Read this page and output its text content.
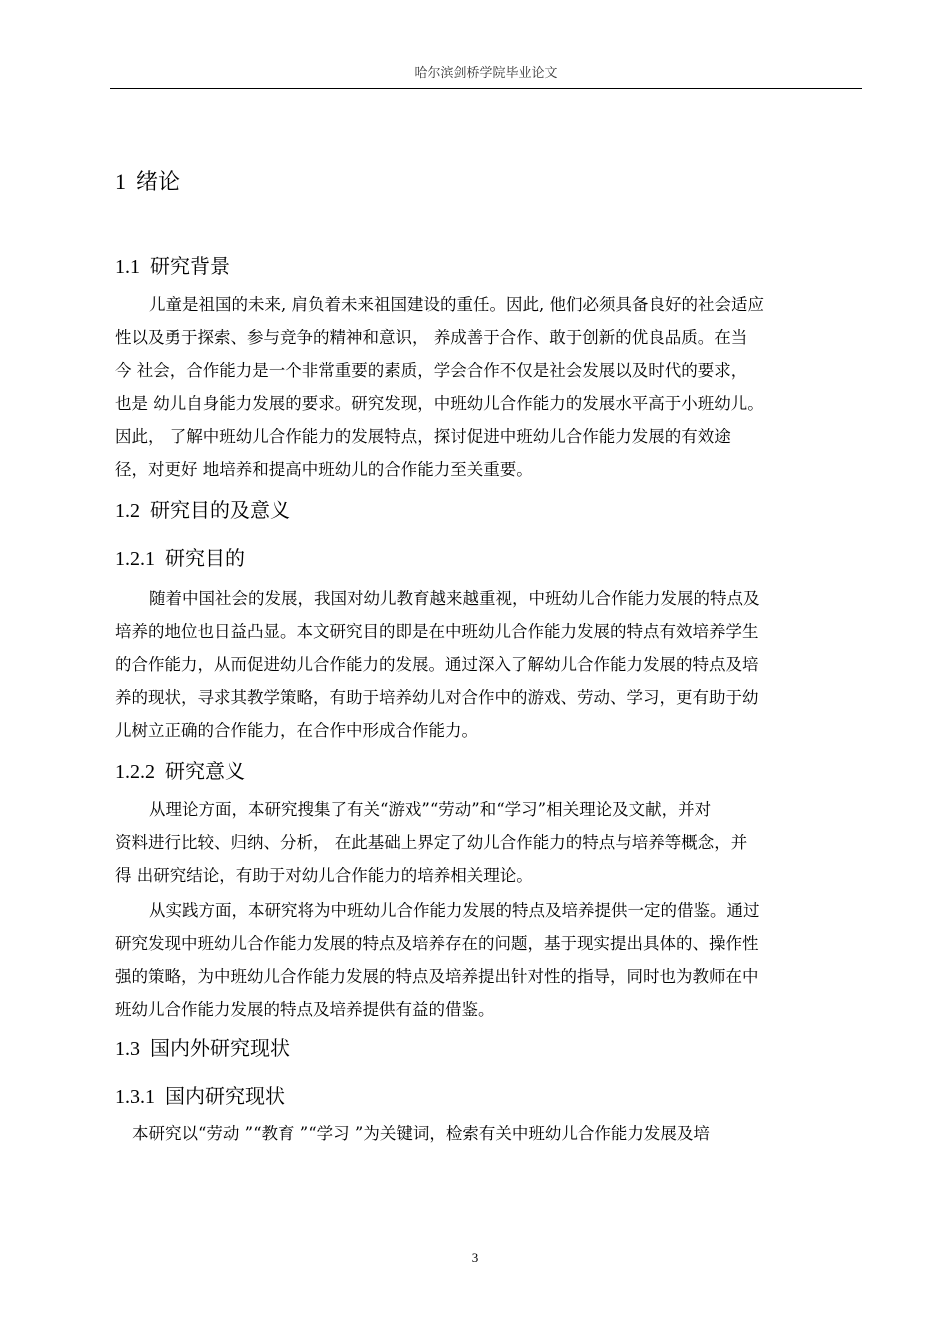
哈尔滨剑桥学院毕业论文
1 绪论
1.1 研究背景
儿童是祖国的未来, 肩负着未来祖国建设的重任。因此, 他们必须具备良好的社会适应
性以及勇于探索、参与竞争的精神和意识， 养成善于合作、敢于创新的优良品质。在当
今 社会，合作能力是一个非常重要的素质，学会合作不仅是社会发展以及时代的要求，
也是 幼儿自身能力发展的要求。研究发现，中班幼儿合作能力的发展水平高于小班幼儿。
因此， 了解中班幼儿合作能力的发展特点，探讨促进中班幼儿合作能力发展的有效途
径，对更好 地培养和提高中班幼儿的合作能力至关重要。
1.2 研究目的及意义
1.2.1 研究目的
随着中国社会的发展，我国对幼儿教育越来越重视，中班幼儿合作能力发展的特点及
培养的地位也日益凸显。本文研究目的即是在中班幼儿合作能力发展的特点有效培养学生
的合作能力，从而促进幼儿合作能力的发展。通过深入了解幼儿合作能力发展的特点及培
养的现状，寻求其教学策略，有助于培养幼儿对合作中的游戏、劳动、学习，更有助于幼
儿树立正确的合作能力，在合作中形成合作能力。
1.2.2 研究意义
从理论方面，本研究搜集了有关“游戏”“劳动”和“学习”相关理论及文献，并对
资料进行比较、归纳、分析， 在此基础上界定了幼儿合作能力的特点与培养等概念，并
得 出研究结论，有助于对幼儿合作能力的培养相关理论。
从实践方面，本研究将为中班幼儿合作能力发展的特点及培养提供一定的借鉴。通过
研究发现中班幼儿合作能力发展的特点及培养存在的问题，基于现实提出具体的、操作性
强的策略，为中班幼儿合作能力发展的特点及培养提出针对性的指导，同时也为教师在中
班幼儿合作能力发展的特点及培养提供有益的借鉴。
1.3 国内外研究现状
1.3.1 国内研究现状
本研究以“劳动 ”“教育 ”“学习 ”为关键词，检索有关中班幼儿合作能力发展及培
3
